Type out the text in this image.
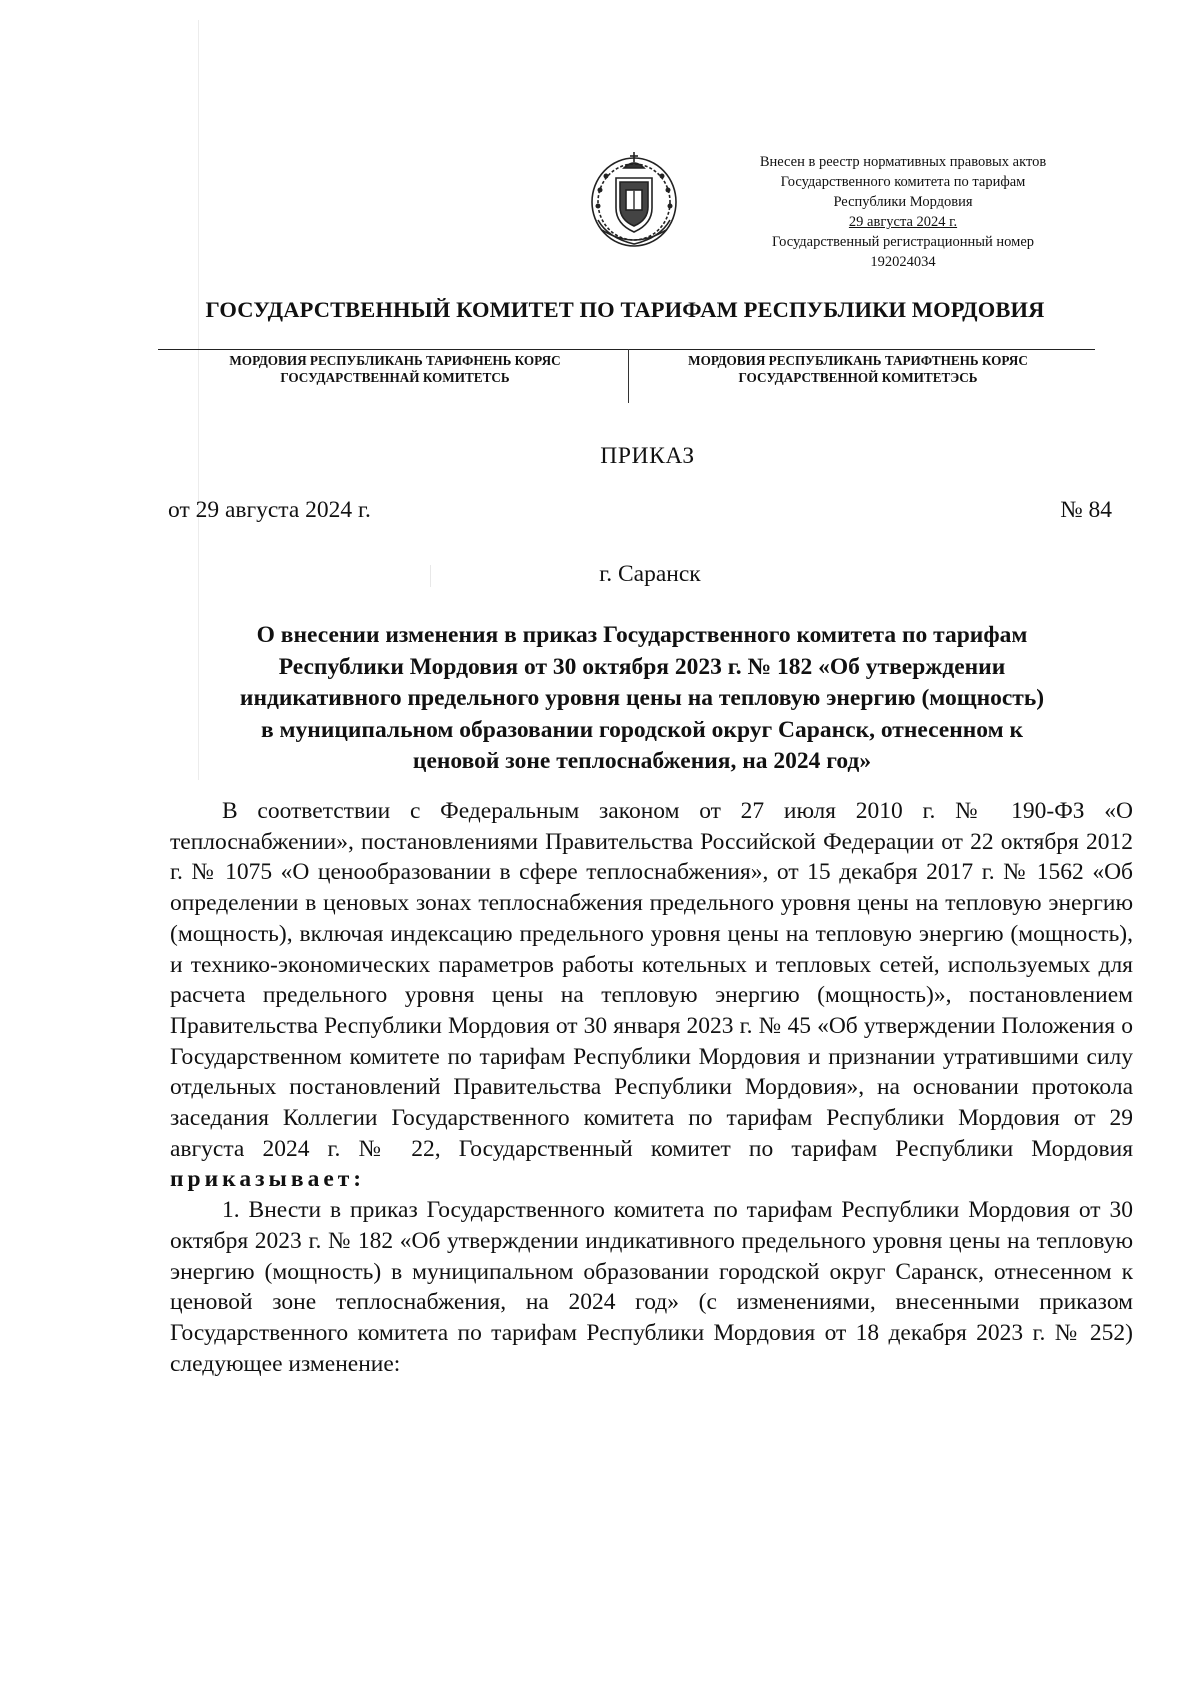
Внесен в реестр нормативных правовых актов
Государственного комитета по тарифам
Республики Мордовия
29 августа 2024 г.
Государственный регистрационный номер
192024034
ГОСУДАРСТВЕННЫЙ КОМИТЕТ ПО ТАРИФАМ РЕСПУБЛИКИ МОРДОВИЯ
МОРДОВИЯ РЕСПУБЛИКАНЬ ТАРИФНЕНЬ КОРЯС
ГОСУДАРСТВЕННАЙ КОМИТЕТСЬ
МОРДОВИЯ РЕСПУБЛИКАНЬ ТАРИФТНЕНЬ КОРЯС
ГОСУДАРСТВЕННОЙ КОМИТЕТЭСЬ
ПРИКАЗ
от 29 августа 2024 г.	№ 84
г. Саранск
О внесении изменения в приказ Государственного комитета по тарифам
Республики Мордовия от 30 октября 2023 г. № 182 «Об утверждении
индикативного предельного уровня цены на тепловую энергию (мощность)
в муниципальном образовании городской округ Саранск, отнесенном к
ценовой зоне теплоснабжения, на 2024 год»

В соответствии с Федеральным законом от 27 июля 2010 г. № 190-ФЗ «О теплоснабжении», постановлениями Правительства Российской Федерации от 22 октября 2012 г. № 1075 «О ценообразовании в сфере теплоснабжения», от 15 декабря 2017 г. № 1562 «Об определении в ценовых зонах теплоснабжения предельного уровня цены на тепловую энергию (мощность), включая индексацию предельного уровня цены на тепловую энергию (мощность), и технико-экономических параметров работы котельных и тепловых сетей, используемых для расчета предельного уровня цены на тепловую энергию (мощность)», постановлением Правительства Республики Мордовия от 30 января 2023 г. № 45 «Об утверждении Положения о Государственном комитете по тарифам Республики Мордовия и признании утратившими силу отдельных постановлений Правительства Республики Мордовия», на основании протокола заседания Коллегии Государственного комитета по тарифам Республики Мордовия от 29 августа 2024 г. № 22, Государственный комитет по тарифам Республики Мордовия приказывает:

1. Внести в приказ Государственного комитета по тарифам Республики Мордовия от 30 октября 2023 г. № 182 «Об утверждении индикативного предельного уровня цены на тепловую энергию (мощность) в муниципальном образовании городской округ Саранск, отнесенном к ценовой зоне теплоснабжения, на 2024 год» (с изменениями, внесенными приказом Государственного комитета по тарифам Республики Мордовия от 18 декабря 2023 г. № 252) следующее изменение:
